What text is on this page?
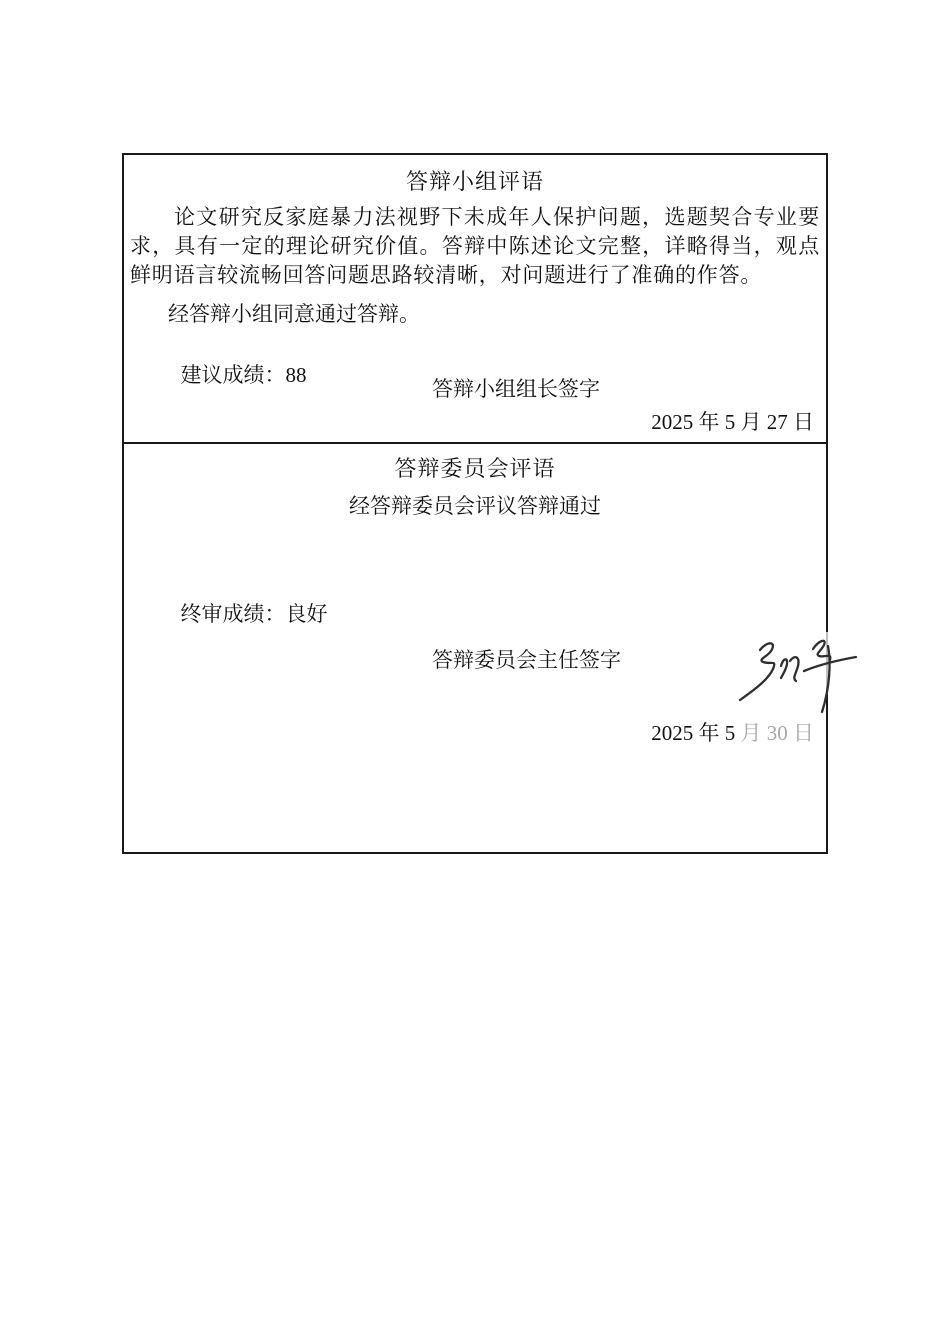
答辩小组评语
论文研究反家庭暴力法视野下未成年人保护问题，选题契合专业要求，具有一定的理论研究价值。答辩中陈述论文完整，详略得当，观点鲜明语言较流畅回答问题思路较清晰，对问题进行了准确的作答。
经答辩小组同意通过答辩。

建议成绩：88

答辩小组组长签字
2025 年 5 月 27 日
答辩委员会评语
经答辩委员会评议答辩通过

终审成绩：良好

答辩委员会主任签字

2025 年 5 月 30 日
